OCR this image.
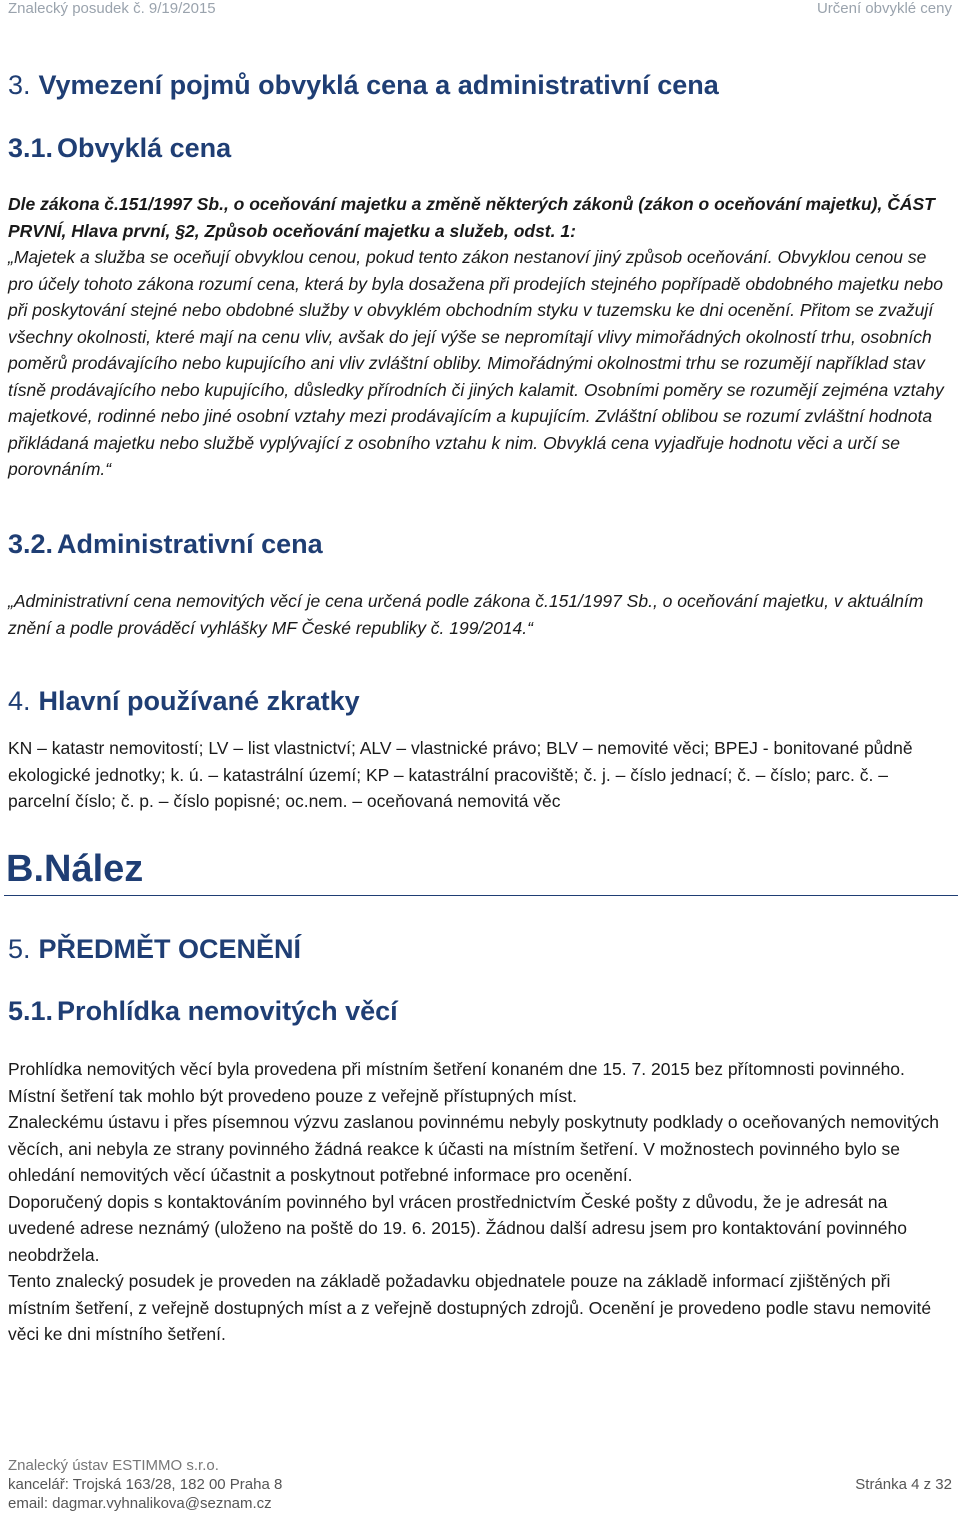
Znalecký posudek č. 9/19/2015	Určení obvyklé ceny
3. Vymezení pojmů obvyklá cena a administrativní cena
3.1. Obvyklá cena
Dle zákona č.151/1997 Sb., o oceňování majetku a změně některých zákonů (zákon o oceňování majetku), ČÁST PRVNÍ, Hlava první, §2, Způsob oceňování majetku a služeb, odst. 1:
„Majetek a služba se oceňují obvyklou cenou, pokud tento zákon nestanoví jiný způsob oceňování. Obvyklou cenou se pro účely tohoto zákona rozumí cena, která by byla dosažena při prodejích stejného popřípadě obdobného majetku nebo při poskytování stejné nebo obdobné služby v obvyklém obchodním styku v tuzemsku ke dni ocenění. Přitom se zvažují všechny okolnosti, které mají na cenu vliv, avšak do její výše se nepromítají vlivy mimořádných okolností trhu, osobních poměrů prodávajícího nebo kupujícího ani vliv zvláštní obliby. Mimořádnými okolnostmi trhu se rozumějí například stav tísně prodávajícího nebo kupujícího, důsledky přírodních či jiných kalamit. Osobními poměry se rozumějí zejména vztahy majetkové, rodinné nebo jiné osobní vztahy mezi prodávajícím a kupujícím. Zvláštní oblibou se rozumí zvláštní hodnota přikládaná majetku nebo službě vyplývající z osobního vztahu k nim. Obvyklá cena vyjadřuje hodnotu věci a určí se porovnáním.“
3.2. Administrativní cena
„Administrativní cena nemovitých věcí je cena určená podle zákona č.151/1997 Sb., o oceňování majetku, v aktuálním znění a podle prováděcí vyhlášky MF České republiky č. 199/2014.“
4. Hlavní používané zkratky
KN – katastr nemovitostí; LV – list vlastnictví; ALV – vlastnické právo; BLV – nemovité věci; BPEJ - bonitované půdně ekologické jednotky; k. ú. – katastrální území; KP – katastrální pracoviště; č. j. – číslo jednací; č. – číslo; parc. č. – parcelní číslo; č. p. – číslo popisné; oc.nem. – oceňovaná nemovitá věc
B.Nález
5. PŘEDMĚT OCENĚNÍ
5.1. Prohlídka nemovitých věcí
Prohlídka nemovitých věcí byla provedena při místním šetření konaném dne 15. 7. 2015 bez přítomnosti povinného. Místní šetření tak mohlo být provedeno pouze z veřejně přístupných míst.
Znaleckému ústavu i přes písemnou výzvu zaslanou povinnému nebyly poskytnuty podklady o oceňovaných nemovitých věcích, ani nebyla ze strany povinného žádná reakce k účasti na místním šetření. V možnostech povinného bylo se ohledání nemovitých věcí účastnit a poskytnout potřebné informace pro ocenění.
Doporučený dopis s kontaktováním povinného byl vrácen prostřednictvím České pošty z důvodu, že je adresát na uvedené adrese neznámý (uloženo na poště do 19. 6. 2015). Žádnou další adresu jsem pro kontaktování povinného neobdržela.
Tento znalecký posudek je proveden na základě požadavku objednatele pouze na základě informací zjištěných při místním šetření, z veřejně dostupných míst a z veřejně dostupných zdrojů. Ocenění je provedeno podle stavu nemovité věci ke dni místního šetření.
Znalecký ústav ESTIMMO s.r.o.
kancelář: Trojská 163/28, 182 00 Praha 8
email: dagmar.vyhnalikova@seznam.cz
Stránka 4 z 32
